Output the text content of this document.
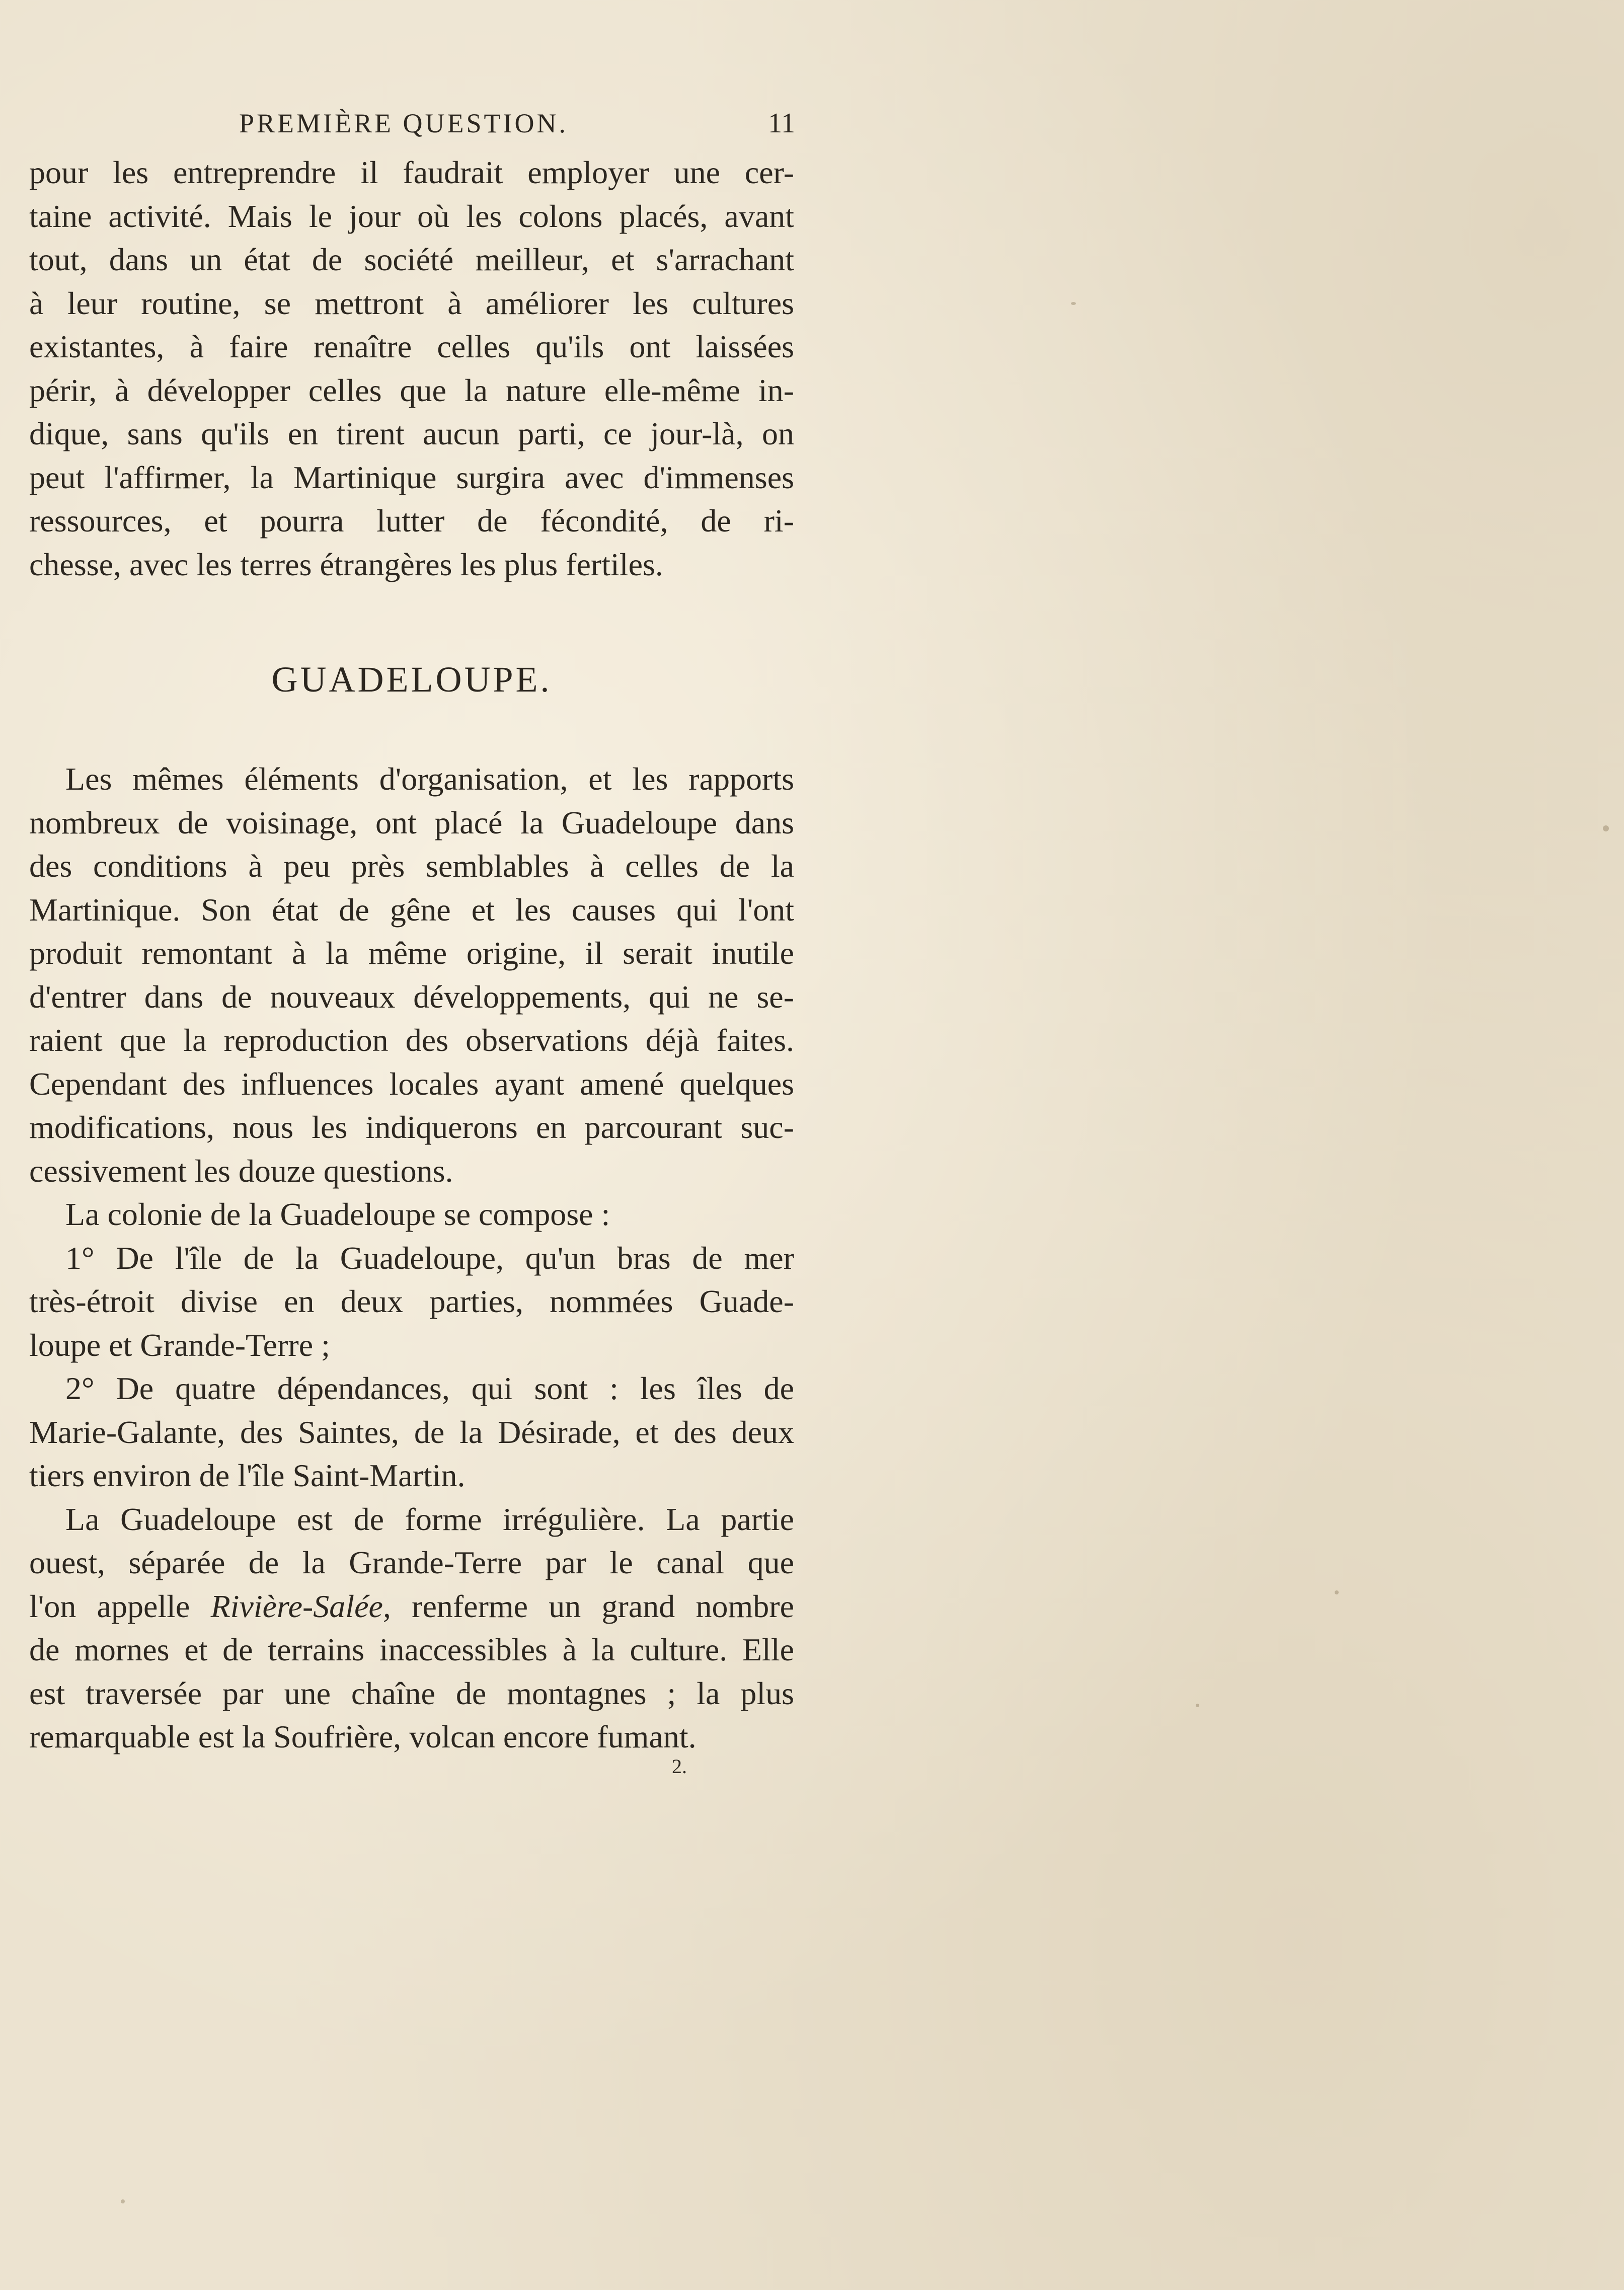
PREMIÈRE QUESTION.	11

pour les entreprendre il faudrait employer une cer-
taine activité. Mais le jour où les colons placés, avant
tout, dans un état de société meilleur, et s'arrachant
à leur routine, se mettront à améliorer les cultures
existantes, à faire renaître celles qu'ils ont laissées
périr, à développer celles que la nature elle-même in-
dique, sans qu'ils en tirent aucun parti, ce jour-là, on
peut l'affirmer, la Martinique surgira avec d'immenses
ressources, et pourra lutter de fécondité, de ri-
chesse, avec les terres étrangères les plus fertiles.

GUADELOUPE.

Les mêmes éléments d'organisation, et les rapports
nombreux de voisinage, ont placé la Guadeloupe dans
des conditions à peu près semblables à celles de la
Martinique. Son état de gêne et les causes qui l'ont
produit remontant à la même origine, il serait inutile
d'entrer dans de nouveaux développements, qui ne se-
raient que la reproduction des observations déjà faites.
Cependant des influences locales ayant amené quelques
modifications, nous les indiquerons en parcourant suc-
cessivement les douze questions.

La colonie de la Guadeloupe se compose :

1° De l'île de la Guadeloupe, qu'un bras de mer
très-étroit divise en deux parties, nommées Guade-
loupe et Grande-Terre ;

2° De quatre dépendances, qui sont : les îles de
Marie-Galante, des Saintes, de la Désirade, et des deux
tiers environ de l'île Saint-Martin.

La Guadeloupe est de forme irrégulière. La partie
ouest, séparée de la Grande-Terre par le canal que
l'on appelle Rivière-Salée, renferme un grand nombre
de mornes et de terrains inaccessibles à la culture. Elle
est traversée par une chaîne de montagnes ; la plus
remarquable est la Soufrière, volcan encore fumant.

2.
